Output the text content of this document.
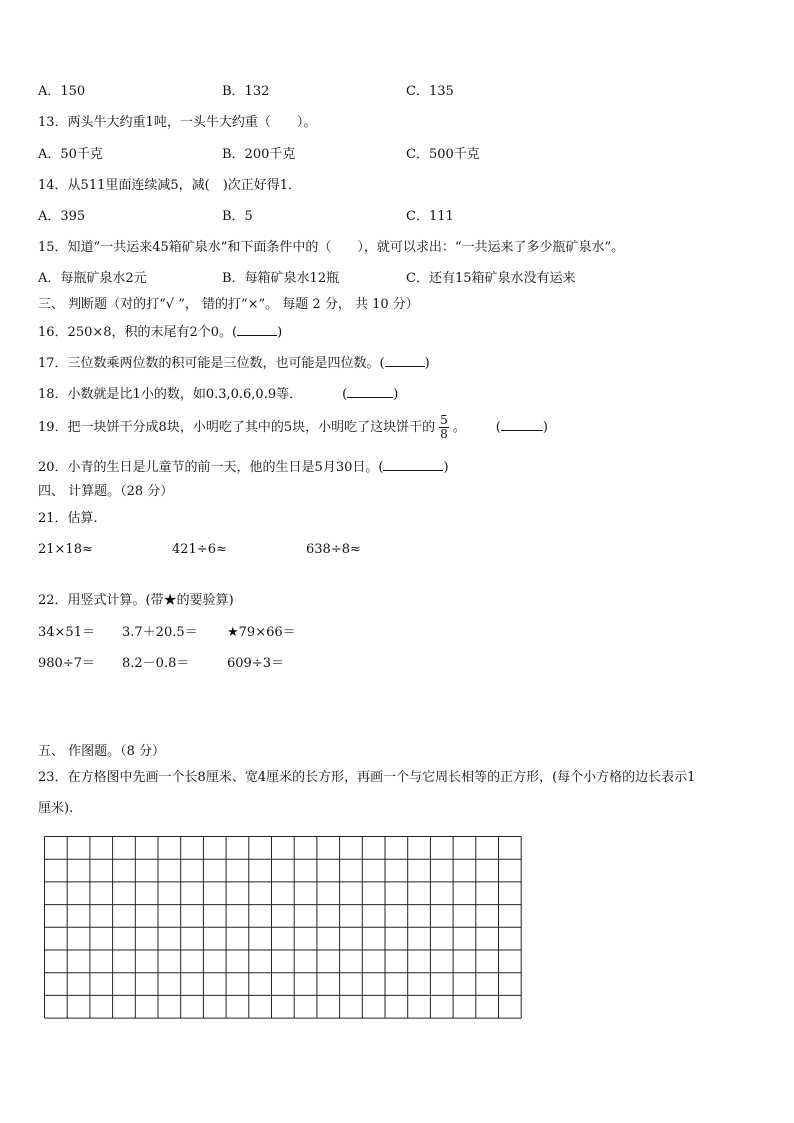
A．150	B．132	C．135
13．两头牛大约重1吨，一头牛大约重（　　）。
A．50千克	B．200千克	C．500千克
14．从511里面连续减5，减(　)次正好得1．
A．395	B．5	C．111
15．知道“一共运来45箱矿泉水”和下面条件中的（　　），就可以求出：“一共运来了多少瓶矿泉水”。
A．每瓶矿泉水2元	B．每箱矿泉水12瓶	C．还有15箱矿泉水没有运来
三、 判断题（对的打“√ ”， 错的打“×”。 每题 2 分， 共 10 分）
16．250×8，积的末尾有2个0。(	)
17．三位数乘两位数的积可能是三位数，也可能是四位数。(	)
18．小数就是比1小的数，如0.3,0.6,0.9等．	(	)
19．把一块饼干分成8块，小明吃了其中的5块，小明吃了这块饼干的 $\frac{5}{8}$ 。 (	)
20．小青的生日是儿童节的前一天，他的生日是5月30日。(	)
四、 计算题。（28 分）
21．估算.
21×18≈	421÷6≈	638÷8≈
22．用竖式计算。(带★的要验算)
34×51＝ 3.7＋20.5＝ ★79×66＝
980÷7＝ 8.2－0.8＝	609÷3＝
五、 作图题。（8 分）
23．在方格图中先画一个长8厘米、宽4厘米的长方形，再画一个与它周长相等的正方形，(每个小方格的边长表示1
厘米).
